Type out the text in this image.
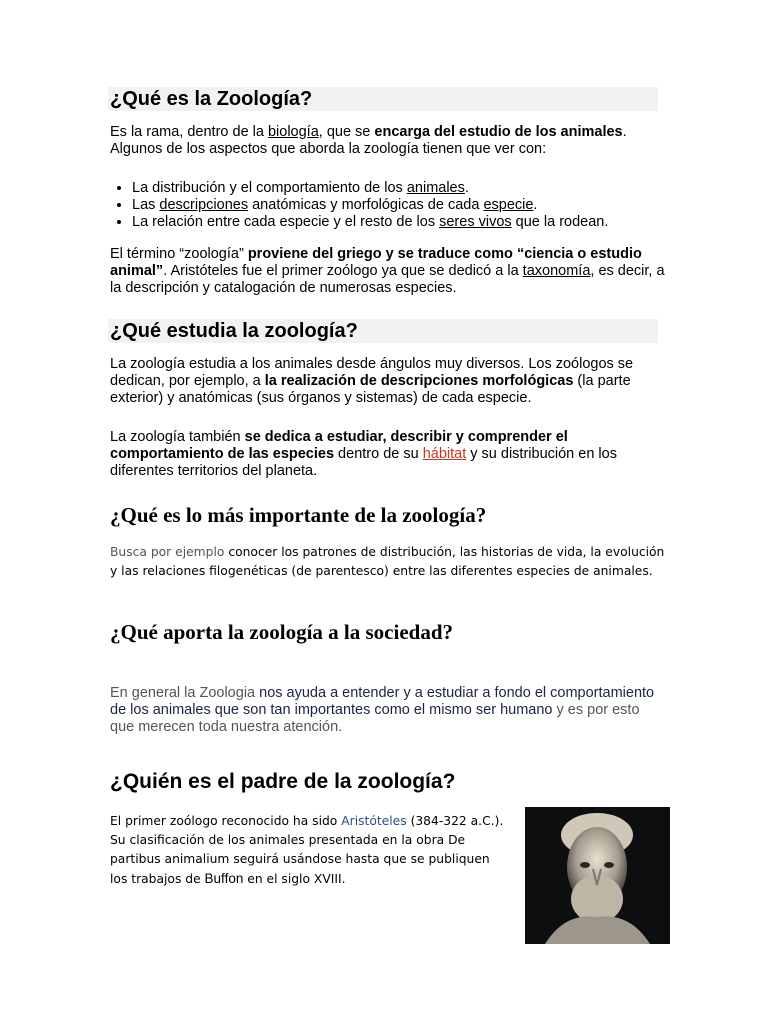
¿Qué es la Zoología?

Es la rama, dentro de la biología, que se encarga del estudio de los animales. Algunos de los aspectos que aborda la zoología tienen que ver con:

• La distribución y el comportamiento de los animales.
• Las descripciones anatómicas y morfológicas de cada especie.
• La relación entre cada especie y el resto de los seres vivos que la rodean.

El término “zoología” proviene del griego y se traduce como “ciencia o estudio animal”. Aristóteles fue el primer zoólogo ya que se dedicó a la taxonomía, es decir, a la descripción y catalogación de numerosas especies.

¿Qué estudia la zoología?

La zoología estudia a los animales desde ángulos muy diversos. Los zoólogos se dedican, por ejemplo, a la realización de descripciones morfológicas (la parte exterior) y anatómicas (sus órganos y sistemas) de cada especie.

La zoología también se dedica a estudiar, describir y comprender el comportamiento de las especies dentro de su hábitat y su distribución en los diferentes territorios del planeta.

¿Qué es lo más importante de la zoología?

Busca por ejemplo conocer los patrones de distribución, las historias de vida, la evolución y las relaciones filogenéticas (de parentesco) entre las diferentes especies de animales.

¿Qué aporta la zoología a la sociedad?

En general la Zoologia nos ayuda a entender y a estudiar a fondo el comportamiento de los animales que son tan importantes como el mismo ser humano y es por esto que merecen toda nuestra atención.

¿Quién es el padre de la zoología?

El primer zoólogo reconocido ha sido Aristóteles (384-322 a.C.). Su clasificación de los animales presentada en la obra De partibus animalium seguirá usándose hasta que se publiquen los trabajos de Buffon en el siglo XVIII.
